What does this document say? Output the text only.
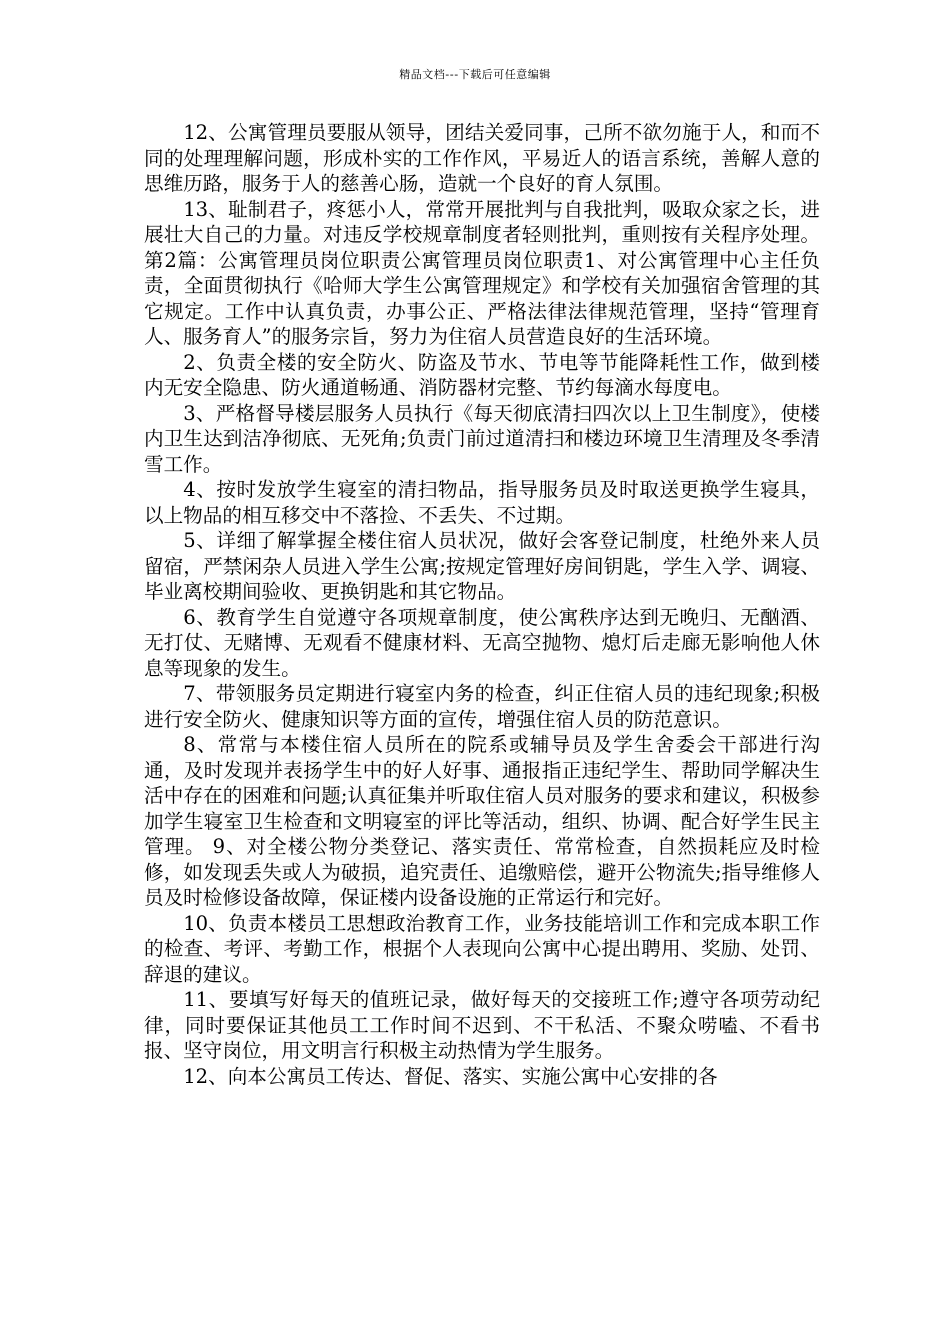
精品文档---下载后可任意编辑

12、公寓管理员要服从领导，团结关爱同事，己所不欲勿施于人，和而不同的处理理解问题，形成朴实的工作作风，平易近人的语言系统，善解人意的思维历路，服务于人的慈善心肠，造就一个良好的育人氛围。

13、耻制君子，疼惩小人，常常开展批判与自我批判，吸取众家之长，进展壮大自己的力量。对违反学校规章制度者轻则批判，重则按有关程序处理。第2篇：公寓管理员岗位职责公寓管理员岗位职责1、对公寓管理中心主任负责，全面贯彻执行《哈师大学生公寓管理规定》和学校有关加强宿舍管理的其它规定。工作中认真负责，办事公正、严格法律法律规范管理，坚持“管理育人、服务育人”的服务宗旨，努力为住宿人员营造良好的生活环境。

2、负责全楼的安全防火、防盗及节水、节电等节能降耗性工作，做到楼内无安全隐患、防火通道畅通、消防器材完整、节约每滴水每度电。

3、严格督导楼层服务人员执行《每天彻底清扫四次以上卫生制度》，使楼内卫生达到洁净彻底、无死角;负责门前过道清扫和楼边环境卫生清理及冬季清雪工作。

4、按时发放学生寝室的清扫物品，指导服务员及时取送更换学生寝具，以上物品的相互移交中不落捡、不丢失、不过期。

5、详细了解掌握全楼住宿人员状况，做好会客登记制度，杜绝外来人员留宿，严禁闲杂人员进入学生公寓;按规定管理好房间钥匙，学生入学、调寝、毕业离校期间验收、更换钥匙和其它物品。

6、教育学生自觉遵守各项规章制度，使公寓秩序达到无晚归、无酗酒、无打仗、无赌博、无观看不健康材料、无高空抛物、熄灯后走廊无影响他人休息等现象的发生。

7、带领服务员定期进行寝室内务的检查，纠正住宿人员的违纪现象;积极进行安全防火、健康知识等方面的宣传，增强住宿人员的防范意识。

8、常常与本楼住宿人员所在的院系或辅导员及学生舍委会干部进行沟通，及时发现并表扬学生中的好人好事、通报指正违纪学生、帮助同学解决生活中存在的困难和问题;认真征集并听取住宿人员对服务的要求和建议，积极参加学生寝室卫生检查和文明寝室的评比等活动，组织、协调、配合好学生民主管理。 9、对全楼公物分类登记、落实责任、常常检查，自然损耗应及时检修，如发现丢失或人为破损，追究责任、追缴赔偿，避开公物流失;指导维修人员及时检修设备故障，保证楼内设备设施的正常运行和完好。

10、负责本楼员工思想政治教育工作，业务技能培训工作和完成本职工作的检查、考评、考勤工作，根据个人表现向公寓中心提出聘用、奖励、处罚、辞退的建议。

11、要填写好每天的值班记录，做好每天的交接班工作;遵守各项劳动纪律，同时要保证其他员工工作时间不迟到、不干私活、不聚众唠嗑、不看书报、坚守岗位，用文明言行积极主动热情为学生服务。

12、向本公寓员工传达、督促、落实、实施公寓中心安排的各
